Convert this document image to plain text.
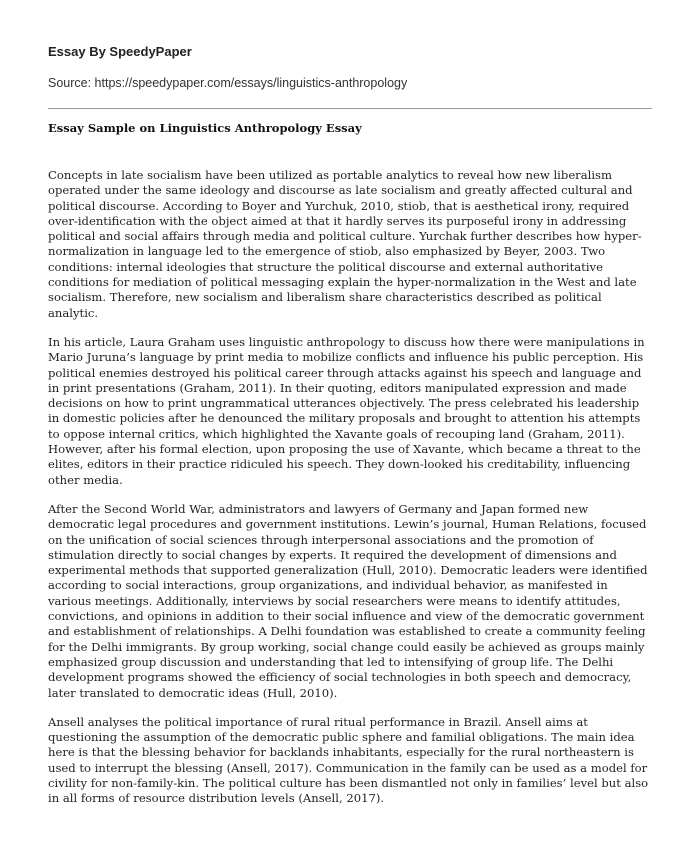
Essay By SpeedyPaper
Source: https://speedypaper.com/essays/linguistics-anthropology
Essay Sample on Linguistics Anthropology Essay

Concepts in late socialism have been utilized as portable analytics to reveal how new liberalism operated under the same ideology and discourse as late socialism and greatly affected cultural and political discourse. According to Boyer and Yurchuk, 2010, stiob, that is aesthetical irony, required over-identification with the object aimed at that it hardly serves its purposeful irony in addressing political and social affairs through media and political culture. Yurchak further describes how hyper-normalization in language led to the emergence of stiob, also emphasized by Beyer, 2003. Two conditions: internal ideologies that structure the political discourse and external authoritative conditions for mediation of political messaging explain the hyper-normalization in the West and late socialism. Therefore, new socialism and liberalism share characteristics described as political analytic.

In his article, Laura Graham uses linguistic anthropology to discuss how there were manipulations in Mario Juruna’s language by print media to mobilize conflicts and influence his public perception. His political enemies destroyed his political career through attacks against his speech and language and in print presentations (Graham, 2011). In their quoting, editors manipulated expression and made decisions on how to print ungrammatical utterances objectively. The press celebrated his leadership in domestic policies after he denounced the military proposals and brought to attention his attempts to oppose internal critics, which highlighted the Xavante goals of recouping land (Graham, 2011). However, after his formal election, upon proposing the use of Xavante, which became a threat to the elites, editors in their practice ridiculed his speech. They down-looked his creditability, influencing other media.

After the Second World War, administrators and lawyers of Germany and Japan formed new democratic legal procedures and government institutions. Lewin’s journal, Human Relations, focused on the unification of social sciences through interpersonal associations and the promotion of stimulation directly to social changes by experts. It required the development of dimensions and experimental methods that supported generalization (Hull, 2010). Democratic leaders were identified according to social interactions, group organizations, and individual behavior, as manifested in various meetings. Additionally, interviews by social researchers were means to identify attitudes, convictions, and opinions in addition to their social influence and view of the democratic government and establishment of relationships. A Delhi foundation was established to create a community feeling for the Delhi immigrants. By group working, social change could easily be achieved as groups mainly emphasized group discussion and understanding that led to intensifying of group life. The Delhi development programs showed the efficiency of social technologies in both speech and democracy, later translated to democratic ideas (Hull, 2010).

Ansell analyses the political importance of rural ritual performance in Brazil. Ansell aims at questioning the assumption of the democratic public sphere and familial obligations. The main idea here is that the blessing behavior for backlands inhabitants, especially for the rural northeastern is used to interrupt the blessing (Ansell, 2017). Communication in the family can be used as a model for civility for non-family-kin. The political culture has been dismantled not only in families’ level but also in all forms of resource distribution levels (Ansell, 2017).
